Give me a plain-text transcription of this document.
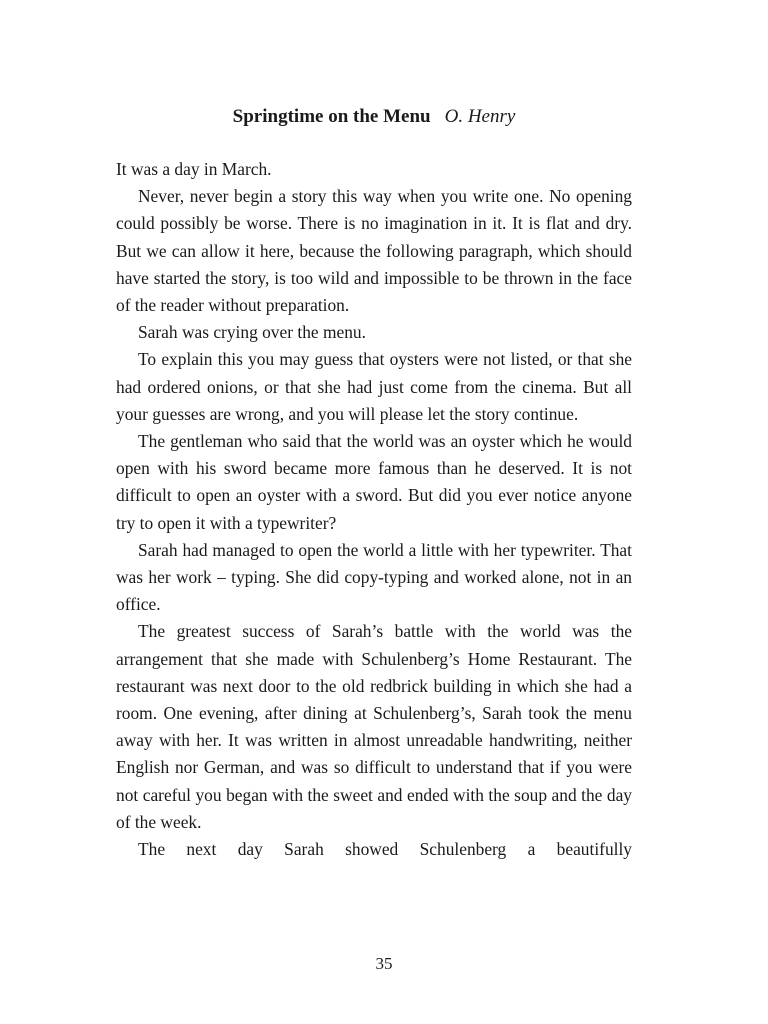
Springtime on the Menu O. Henry

It was a day in March.

Never, never begin a story this way when you write one. No opening could possibly be worse. There is no imagination in it. It is flat and dry. But we can allow it here, because the following paragraph, which should have started the story, is too wild and impossible to be thrown in the face of the reader without preparation.

Sarah was crying over the menu.

To explain this you may guess that oysters were not listed, or that she had ordered onions, or that she had just come from the cinema. But all your guesses are wrong, and you will please let the story continue.

The gentleman who said that the world was an oyster which he would open with his sword became more famous than he deserved. It is not difficult to open an oyster with a sword. But did you ever notice anyone try to open it with a typewriter?

Sarah had managed to open the world a little with her typewriter. That was her work – typing. She did copy-typing and worked alone, not in an office.

The greatest success of Sarah’s battle with the world was the arrangement that she made with Schulenberg’s Home Restaurant. The restaurant was next door to the old redbrick building in which she had a room. One evening, after dining at Schulenberg’s, Sarah took the menu away with her. It was written in almost unreadable handwriting, neither English nor German, and was so difficult to understand that if you were not careful you began with the sweet and ended with the soup and the day of the week.

The next day Sarah showed Schulenberg a beautifully

35
